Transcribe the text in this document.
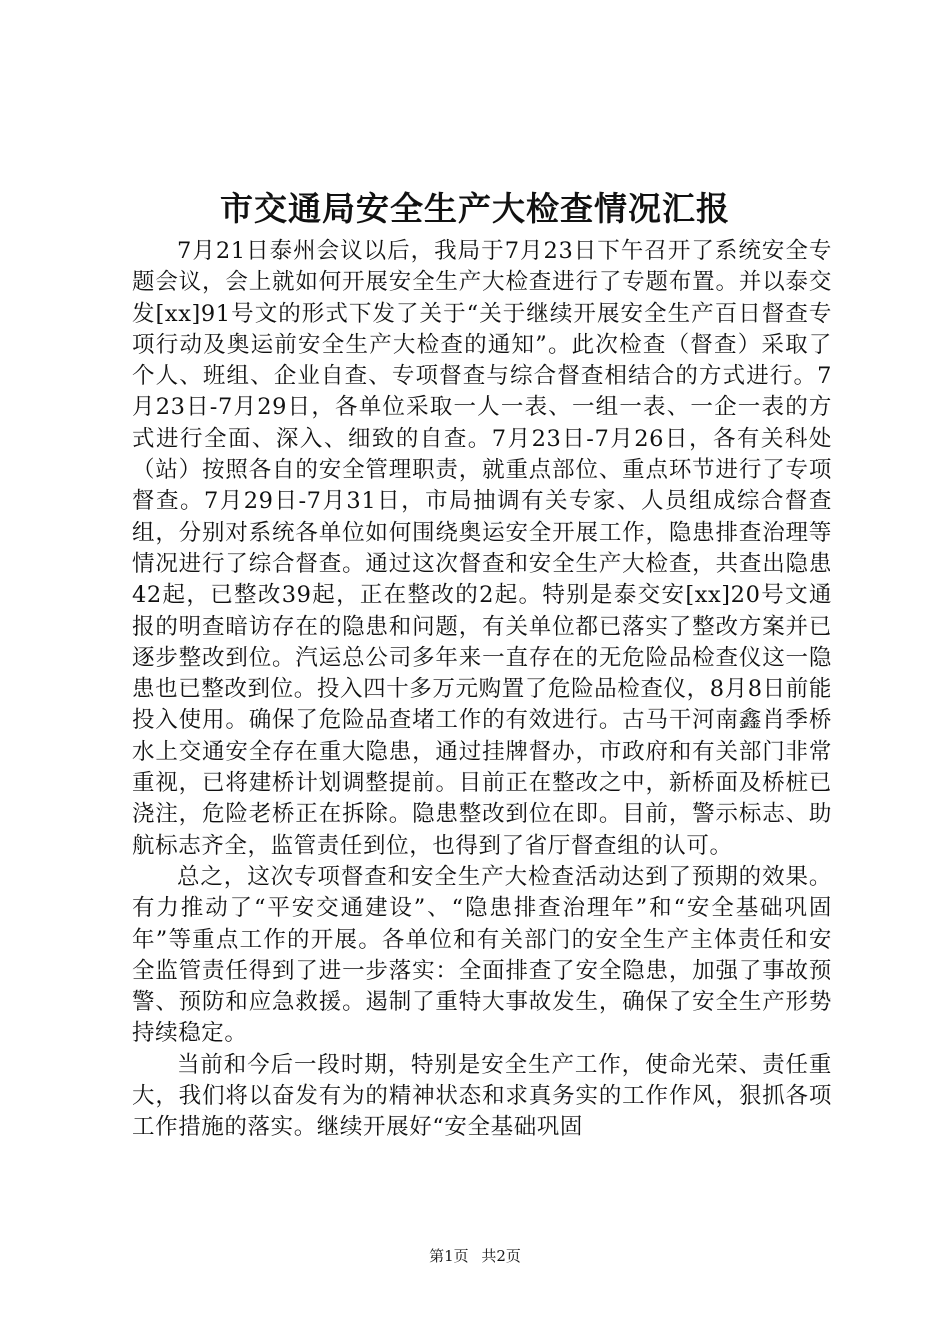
市交通局安全生产大检查情况汇报

7月21日泰州会议以后，我局于7月23日下午召开了系统安全专题会议，会上就如何开展安全生产大检查进行了专题布置。并以泰交发[xx]91号文的形式下发了关于“关于继续开展安全生产百日督查专项行动及奥运前安全生产大检查的通知”。此次检查（督查）采取了个人、班组、企业自查、专项督查与综合督查相结合的方式进行。7月23日-7月29日，各单位采取一人一表、一组一表、一企一表的方式进行全面、深入、细致的自查。7月23日-7月26日，各有关科处（站）按照各自的安全管理职责，就重点部位、重点环节进行了专项督查。7月29日-7月31日，市局抽调有关专家、人员组成综合督查组，分别对系统各单位如何围绕奥运安全开展工作，隐患排查治理等情况进行了综合督查。通过这次督查和安全生产大检查，共查出隐患42起，已整改39起，正在整改的2起。特别是泰交安[xx]20号文通报的明查暗访存在的隐患和问题，有关单位都已落实了整改方案并已逐步整改到位。汽运总公司多年来一直存在的无危险品检查仪这一隐患也已整改到位。投入四十多万元购置了危险品检查仪，8月8日前能投入使用。确保了危险品查堵工作的有效进行。古马干河南鑫肖季桥水上交通安全存在重大隐患，通过挂牌督办，市政府和有关部门非常重视，已将建桥计划调整提前。目前正在整改之中，新桥面及桥桩已浇注，危险老桥正在拆除。隐患整改到位在即。目前，警示标志、助航标志齐全，监管责任到位，也得到了省厅督查组的认可。

总之，这次专项督查和安全生产大检查活动达到了预期的效果。有力推动了“平安交通建设”、“隐患排查治理年”和“安全基础巩固年”等重点工作的开展。各单位和有关部门的安全生产主体责任和安全监管责任得到了进一步落实：全面排查了安全隐患，加强了事故预警、预防和应急救援。遏制了重特大事故发生，确保了安全生产形势持续稳定。

当前和今后一段时期，特别是安全生产工作，使命光荣、责任重大，我们将以奋发有为的精神状态和求真务实的工作作风，狠抓各项工作措施的落实。继续开展好“安全基础巩固

第1页 共2页
